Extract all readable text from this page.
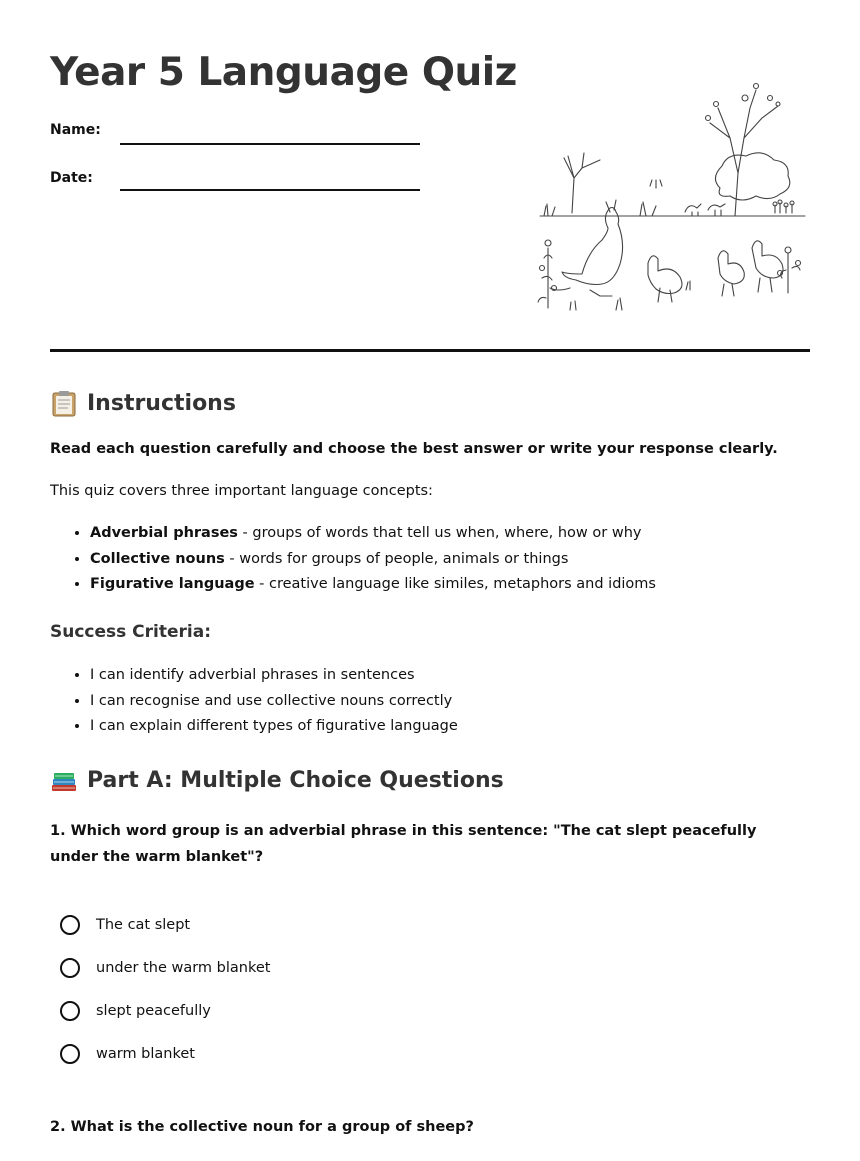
Year 5 Language Quiz
Name:
Date:
Instructions
Read each question carefully and choose the best answer or write your response clearly.
This quiz covers three important language concepts:
• Adverbial phrases - groups of words that tell us when, where, how or why
• Collective nouns - words for groups of people, animals or things
• Figurative language - creative language like similes, metaphors and idioms
Success Criteria:
• I can identify adverbial phrases in sentences
• I can recognise and use collective nouns correctly
• I can explain different types of figurative language
Part A: Multiple Choice Questions

1. Which word group is an adverbial phrase in this sentence: "The cat slept peacefully under the warm blanket"?

The cat slept
under the warm blanket
slept peacefully
warm blanket

2. What is the collective noun for a group of sheep?
